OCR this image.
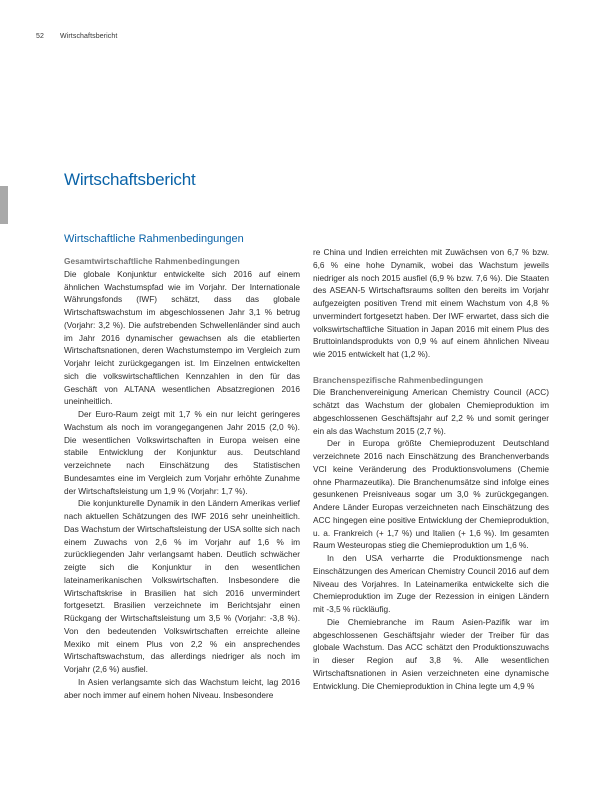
52 Wirtschaftsbericht
Wirtschaftsbericht
Wirtschaftliche Rahmenbedingungen
Gesamtwirtschaftliche Rahmenbedingungen

Die globale Konjunktur entwickelte sich 2016 auf einem ähnlichen Wachstumspfad wie im Vorjahr. Der Internationale Währungsfonds (IWF) schätzt, dass das globale Wirtschaftswachstum im abgeschlossenen Jahr 3,1 % betrug (Vorjahr: 3,2 %). Die aufstrebenden Schwellenländer sind auch im Jahr 2016 dynamischer gewachsen als die etablierten Wirtschaftsnationen, deren Wachstumstempo im Vergleich zum Vorjahr leicht zurückgegangen ist. Im Einzelnen entwickelten sich die volkswirtschaftlichen Kennzahlen in den für das Geschäft von ALTANA wesentlichen Absatzregionen 2016 uneinheitlich.

Der Euro-Raum zeigt mit 1,7 % ein nur leicht geringeres Wachstum als noch im vorangegangenen Jahr 2015 (2,0 %). Die wesentlichen Volkswirtschaften in Europa weisen eine stabile Entwicklung der Konjunktur aus. Deutschland verzeichnete nach Einschätzung des Statistischen Bundesamtes eine im Vergleich zum Vorjahr erhöhte Zunahme der Wirtschaftsleistung um 1,9 % (Vorjahr: 1,7 %).

Die konjunkturelle Dynamik in den Ländern Amerikas verlief nach aktuellen Schätzungen des IWF 2016 sehr uneinheitlich. Das Wachstum der Wirtschaftsleistung der USA sollte sich nach einem Zuwachs von 2,6 % im Vorjahr auf 1,6 % im zurückliegenden Jahr verlangsamt haben. Deutlich schwächer zeigte sich die Konjunktur in den wesentlichen lateinamerikanischen Volkswirtschaften. Insbesondere die Wirtschaftskrise in Brasilien hat sich 2016 unvermindert fortgesetzt. Brasilien verzeichnete im Berichtsjahr einen Rückgang der Wirtschaftsleistung um 3,5 % (Vorjahr: -3,8 %). Von den bedeutenden Volkswirtschaften erreichte alleine Mexiko mit einem Plus von 2,2 % ein ansprechendes Wirtschaftswachstum, das allerdings niedriger als noch im Vorjahr (2,6 %) ausfiel.

In Asien verlangsamte sich das Wachstum leicht, lag 2016 aber noch immer auf einem hohen Niveau. Insbesondere

re China und Indien erreichten mit Zuwächsen von 6,7 % bzw. 6,6 % eine hohe Dynamik, wobei das Wachstum jeweils niedriger als noch 2015 ausfiel (6,9 % bzw. 7,6 %). Die Staaten des ASEAN-5 Wirtschaftsraums sollten den bereits im Vorjahr aufgezeigten positiven Trend mit einem Wachstum von 4,8 % unvermindert fortgesetzt haben. Der IWF erwartet, dass sich die volkswirtschaftliche Situation in Japan 2016 mit einem Plus des Bruttoinlandsprodukts von 0,9 % auf einem ähnlichen Niveau wie 2015 entwickelt hat (1,2 %).

Branchenspezifische Rahmenbedingungen

Die Branchenvereinigung American Chemistry Council (ACC) schätzt das Wachstum der globalen Chemieproduktion im abgeschlossenen Geschäftsjahr auf 2,2 % und somit geringer ein als das Wachstum 2015 (2,7 %).

Der in Europa größte Chemieproduzent Deutschland verzeichnete 2016 nach Einschätzung des Branchenverbands VCI keine Veränderung des Produktionsvolumens (Chemie ohne Pharmazeutika). Die Branchenumsätze sind infolge eines gesunkenen Preisniveaus sogar um 3,0 % zurückgegangen. Andere Länder Europas verzeichneten nach Einschätzung des ACC hingegen eine positive Entwicklung der Chemieproduktion, u. a. Frankreich (+ 1,7 %) und Italien (+ 1,6 %). Im gesamten Raum Westeuropas stieg die Chemieproduktion um 1,6 %.

In den USA verharrte die Produktionsmenge nach Einschätzungen des American Chemistry Council 2016 auf dem Niveau des Vorjahres. In Lateinamerika entwickelte sich die Chemieproduktion im Zuge der Rezession in einigen Ländern mit -3,5 % rückläufig.

Die Chemiebranche im Raum Asien-Pazifik war im abgeschlossenen Geschäftsjahr wieder der Treiber für das globale Wachstum. Das ACC schätzt den Produktionszuwachs in dieser Region auf 3,8 %. Alle wesentlichen Wirtschaftsnationen in Asien verzeichneten eine dynamische Entwicklung. Die Chemieproduktion in China legte um 4,9 %
